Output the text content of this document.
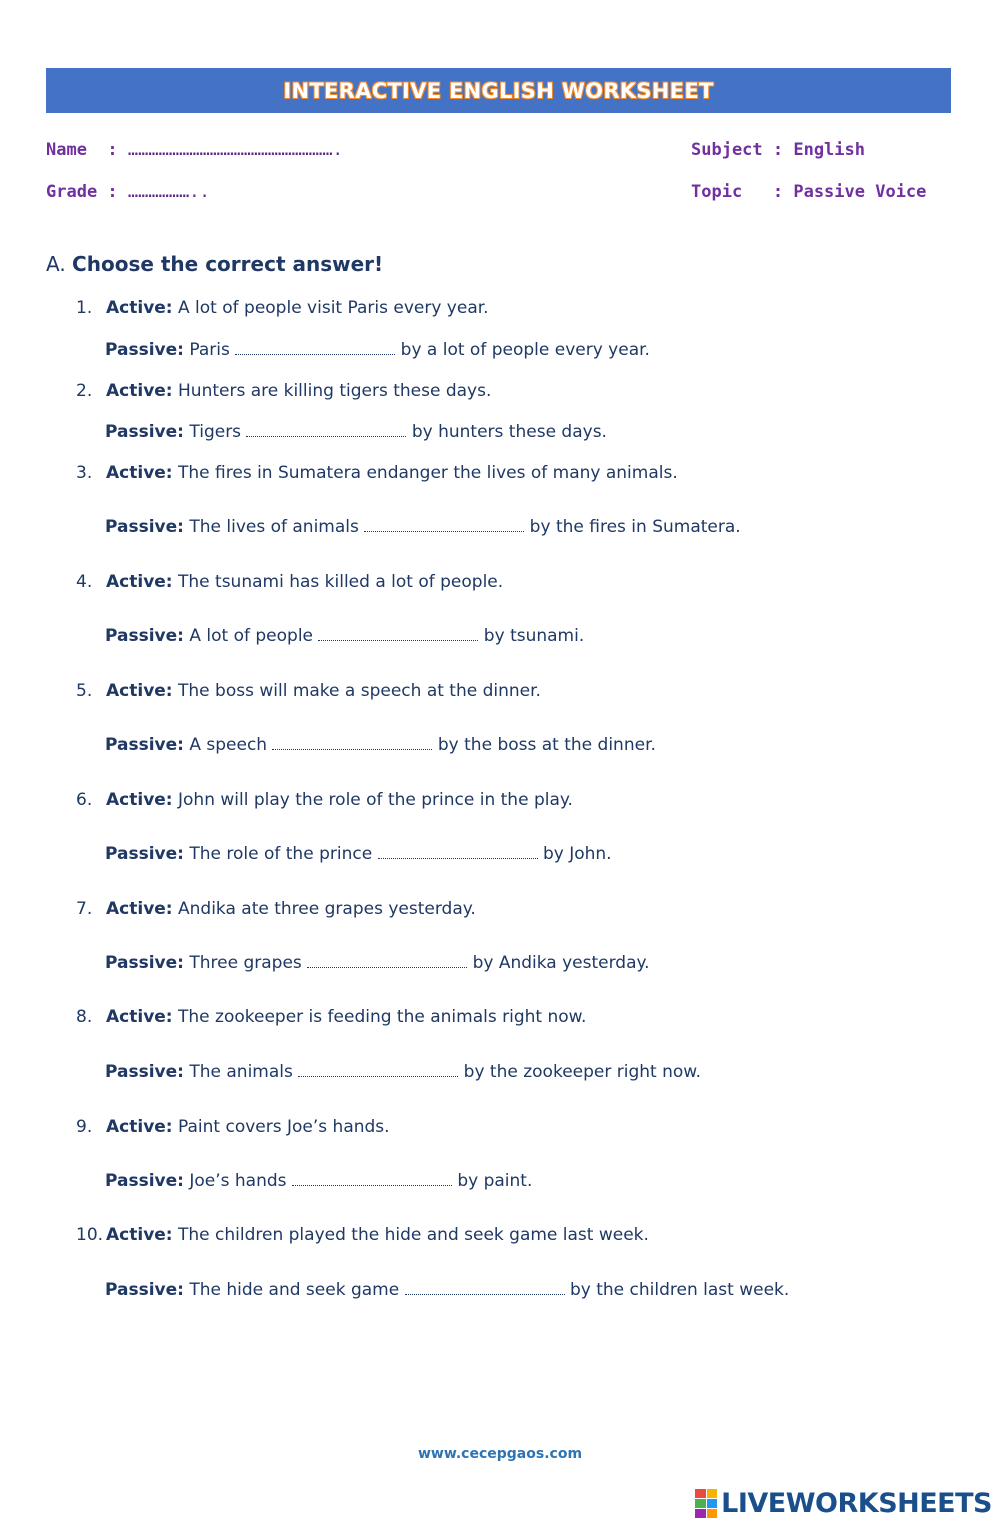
INTERACTIVE ENGLISH WORKSHEET
Name  : …………………………………………………….
Grade : ………………..
Subject : English
Topic   : Passive Voice
A. Choose the correct answer!
1. Active: A lot of people visit Paris every year.
Passive: Paris	by a lot of people every year.
2. Active: Hunters are killing tigers these days.
Passive: Tigers	by hunters these days.
3. Active: The fires in Sumatera endanger the lives of many animals.
Passive: The lives of animals	by the fires in Sumatera.
4. Active: The tsunami has killed a lot of people.
Passive: A lot of people	by tsunami.
5. Active: The boss will make a speech at the dinner.
Passive: A speech	by the boss at the dinner.
6. Active: John will play the role of the prince in the play.
Passive: The role of the prince	by John.
7. Active: Andika ate three grapes yesterday.
Passive: Three grapes	by Andika yesterday.
8. Active: The zookeeper is feeding the animals right now.
Passive: The animals	by the zookeeper right now.
9. Active: Paint covers Joe’s hands.
Passive: Joe’s hands	by paint.
10. Active: The children played the hide and seek game last week.
Passive: The hide and seek game	by the children last week.
www.cecepgaos.com
LIVEWORKSHEETS
